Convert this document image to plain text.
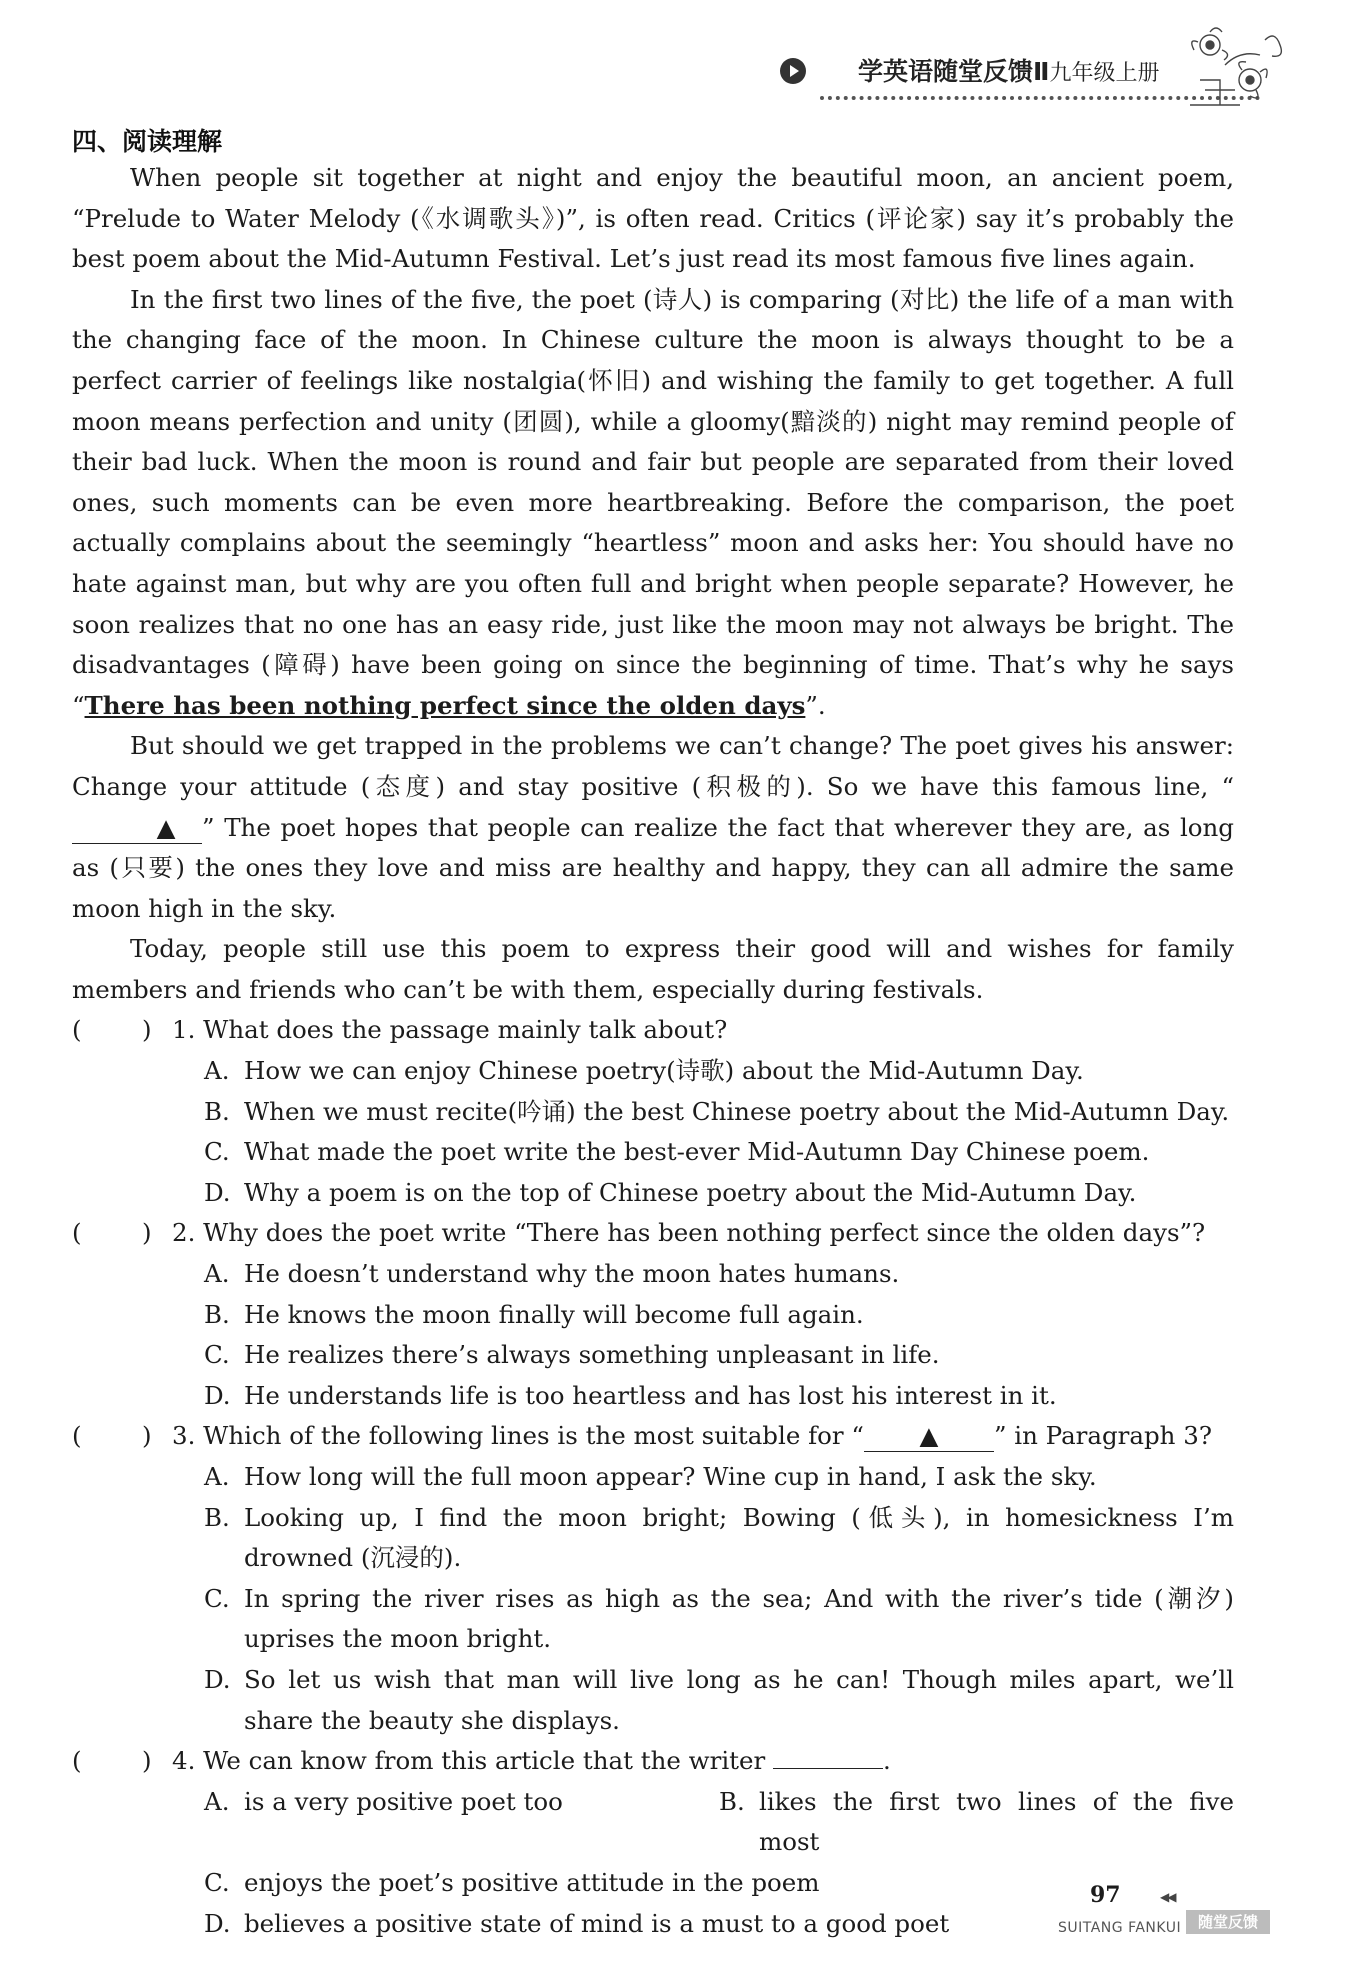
学英语随堂反馈Ⅱ九年级上册
四、阅读理解

When people sit together at night and enjoy the beautiful moon, an ancient poem, “Prelude to Water Melody (《水调歌头》)”, is often read. Critics (评论家) say it’s probably the best poem about the Mid-Autumn Festival. Let’s just read its most famous five lines again.

In the first two lines of the five, the poet (诗人) is comparing (对比) the life of a man with the changing face of the moon. In Chinese culture the moon is always thought to be a perfect carrier of feelings like nostalgia(怀旧) and wishing the family to get together. A full moon means perfection and unity (团圆), while a gloomy(黯淡的) night may remind people of their bad luck. When the moon is round and fair but people are separated from their loved ones, such moments can be even more heartbreaking. Before the comparison, the poet actually complains about the seemingly “heartless” moon and asks her: You should have no hate against man, but why are you often full and bright when people separate? However, he soon realizes that no one has an easy ride, just like the moon may not always be bright. The disadvantages (障碍) have been going on since the beginning of time. That’s why he says “There has been nothing perfect since the olden days”.

But should we get trapped in the problems we can’t change? The poet gives his answer: Change your attitude (态度) and stay positive (积极的). So we have this famous line, “▲ ” The poet hopes that people can realize the fact that wherever they are, as long as (只要) the ones they love and miss are healthy and happy, they can all admire the same moon high in the sky.

Today, people still use this poem to express their good will and wishes for family members and friends who can’t be with them, especially during festivals.

( ) 1. What does the passage mainly talk about?

A. How we can enjoy Chinese poetry(诗歌) about the Mid-Autumn Day.
B. When we must recite(吟诵) the best Chinese poetry about the Mid-Autumn Day.
C. What made the poet write the best-ever Mid-Autumn Day Chinese poem.
D. Why a poem is on the top of Chinese poetry about the Mid-Autumn Day.

( ) 2. Why does the poet write “There has been nothing perfect since the olden days”?

A. He doesn’t understand why the moon hates humans.
B. He knows the moon finally will become full again.
C. He realizes there’s always something unpleasant in life.
D. He understands life is too heartless and has lost his interest in it.

( ) 3. Which of the following lines is the most suitable for “ ▲ ” in Paragraph 3?

A. How long will the full moon appear? Wine cup in hand, I ask the sky.
B. Looking up, I find the moon bright; Bowing (低头), in homesickness I’m drowned (沉浸的).
C. In spring the river rises as high as the sea; And with the river’s tide (潮汐) uprises the moon bright.
D. So let us wish that man will live long as he can! Though miles apart, we’ll share the beauty she displays.

( ) 4. We can know from this article that the writer	.

A. is a very positive poet too	B. likes the first two lines of the five most
C. enjoys the poet’s positive attitude in the poem
D. believes a positive state of mind is a must to a good poet
97	◀◀
SUITANG FANKUI	随堂反馈
